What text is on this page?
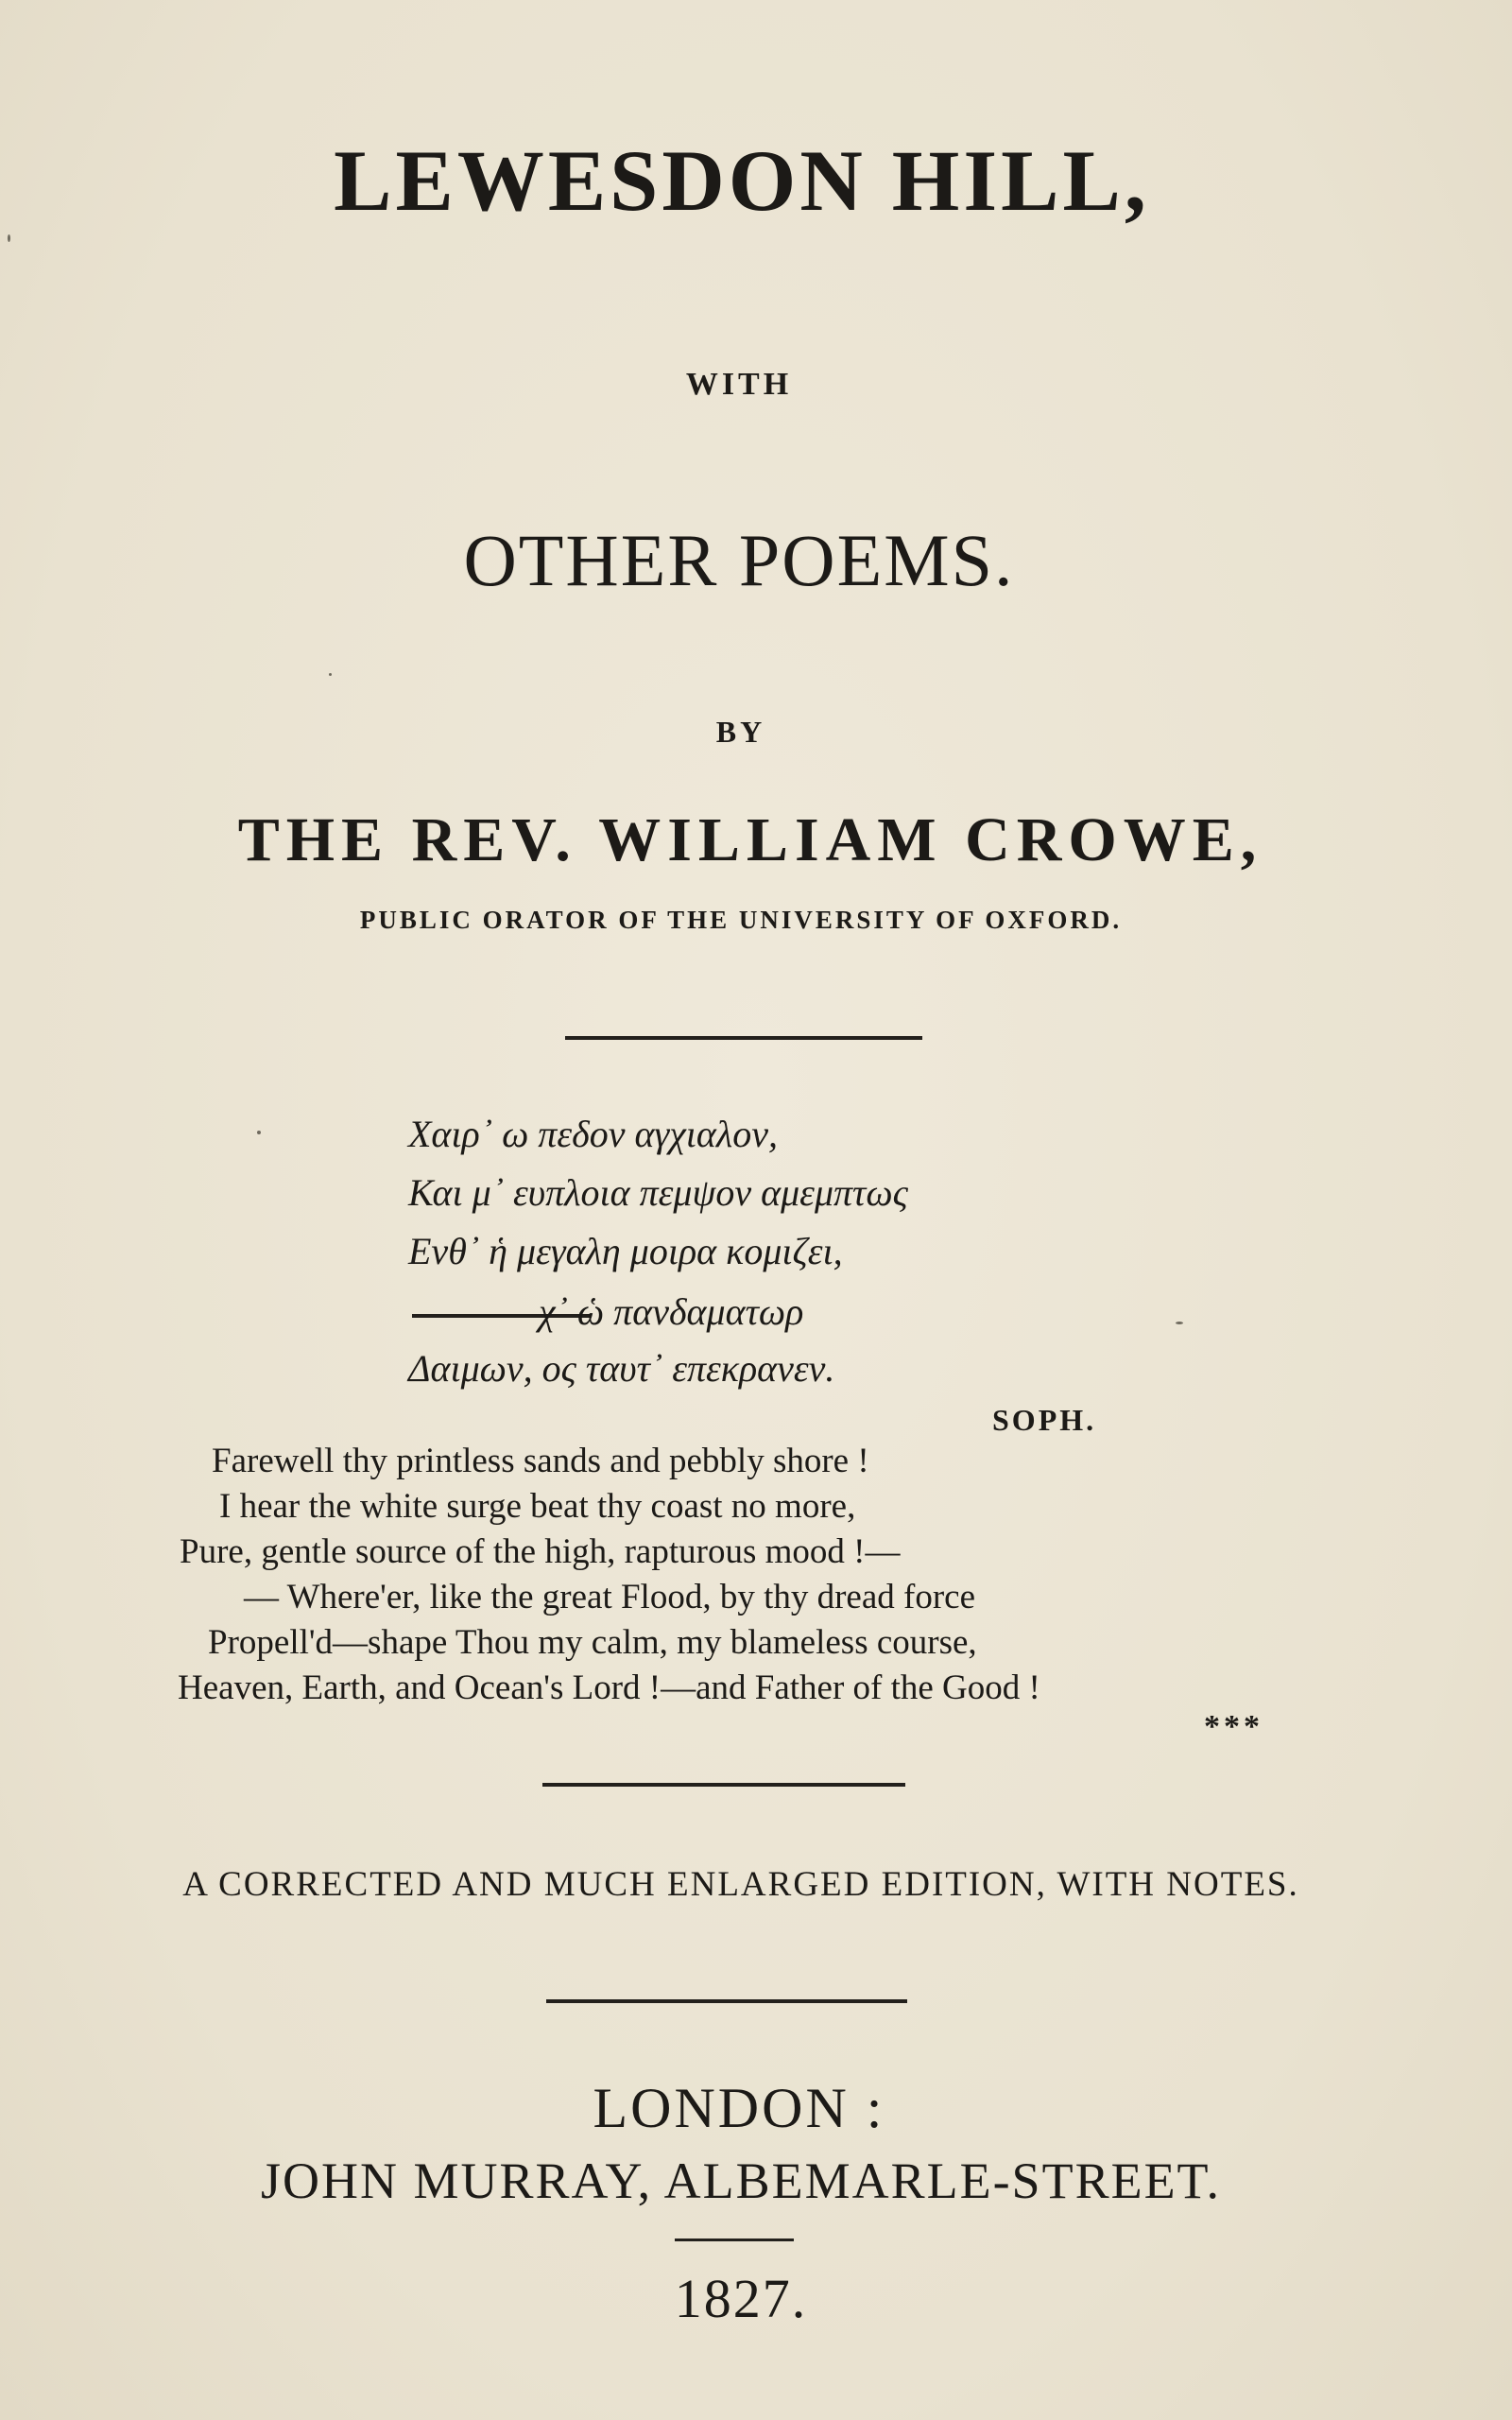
LEWESDON HILL,
WITH
OTHER POEMS.
BY
THE REV. WILLIAM CROWE,
PUBLIC ORATOR OF THE UNIVERSITY OF OXFORD.
Χαιρ᾽ ω πεδον αγχιαλον,
Και μ᾽ ευπλοια πεμψον αμεμπτως
Ενθ᾽ ἡ μεγαλη μοιρα κομιζει,
χ᾽ ὡ πανδαματωρ
Δαιμων, ος ταυτ᾽ επεκρανεν.
SOPH.
Farewell thy printless sands and pebbly shore !
I hear the white surge beat thy coast no more,
Pure, gentle source of the high, rapturous mood !—
— Where'er, like the great Flood, by thy dread force
Propell'd—shape Thou my calm, my blameless course,
Heaven, Earth, and Ocean's Lord !—and Father of the Good !
***
A CORRECTED AND MUCH ENLARGED EDITION, WITH NOTES.
LONDON :
JOHN MURRAY, ALBEMARLE-STREET.
1827.
